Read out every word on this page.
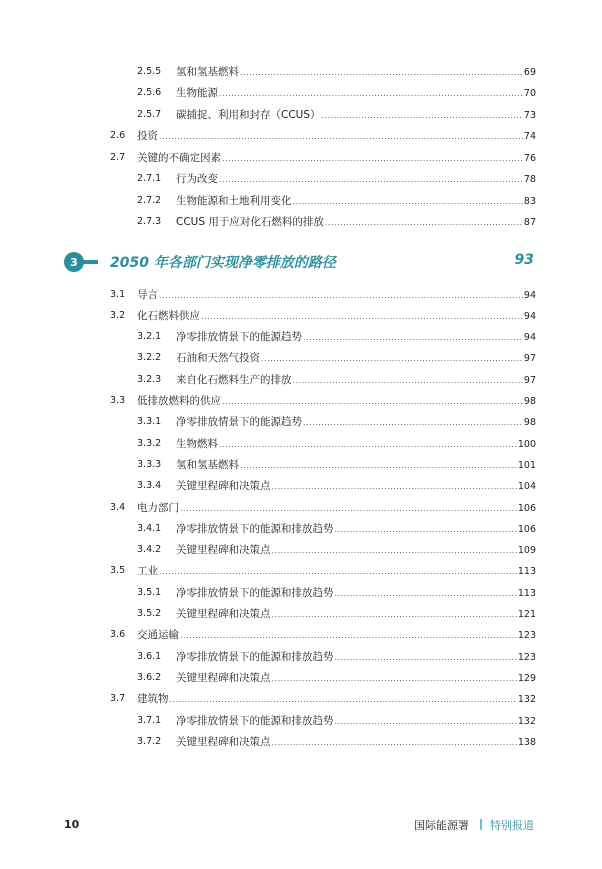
2.5.5 氢和氢基燃料 .....	69
2.5.6 生物能源 .....	70
2.5.7 碳捕捉、利用和封存（CCUS） .....	73
2.6 投资 .....	74
2.7 关键的不确定因素 .....	76
2.7.1 行为改变 .....	78
2.7.2 生物能源和土地利用变化 .....	83
2.7.3 CCUS 用于应对化石燃料的排放 .....	87
3	2050 年各部门实现净零排放的路径	93
3.1 导言 .....	94
3.2 化石燃料供应 .....	94
3.2.1 净零排放情景下的能源趋势 .....	94
3.2.2 石油和天然气投资 .....	97
3.2.3 来自化石燃料生产的排放 .....	97
3.3 低排放燃料的供应 .....	98
3.3.1 净零排放情景下的能源趋势 .....	98
3.3.2 生物燃料 .....	100
3.3.3 氢和氢基燃料 .....	101
3.3.4 关键里程碑和决策点 .....	104
3.4 电力部门 .....	106
3.4.1 净零排放情景下的能源和排放趋势 .....	106
3.4.2 关键里程碑和决策点 .....	109
3.5 工业 .....	113
3.5.1 净零排放情景下的能源和排放趋势 .....	113
3.5.2 关键里程碑和决策点 .....	121
3.6 交通运输 .....	123
3.6.1 净零排放情景下的能源和排放趋势 .....	123
3.6.2 关键里程碑和决策点 .....	129
3.7 建筑物 .....	132
3.7.1 净零排放情景下的能源和排放趋势 .....	132
3.7.2 关键里程碑和决策点 .....	138
10	国际能源署 | 特别报道
